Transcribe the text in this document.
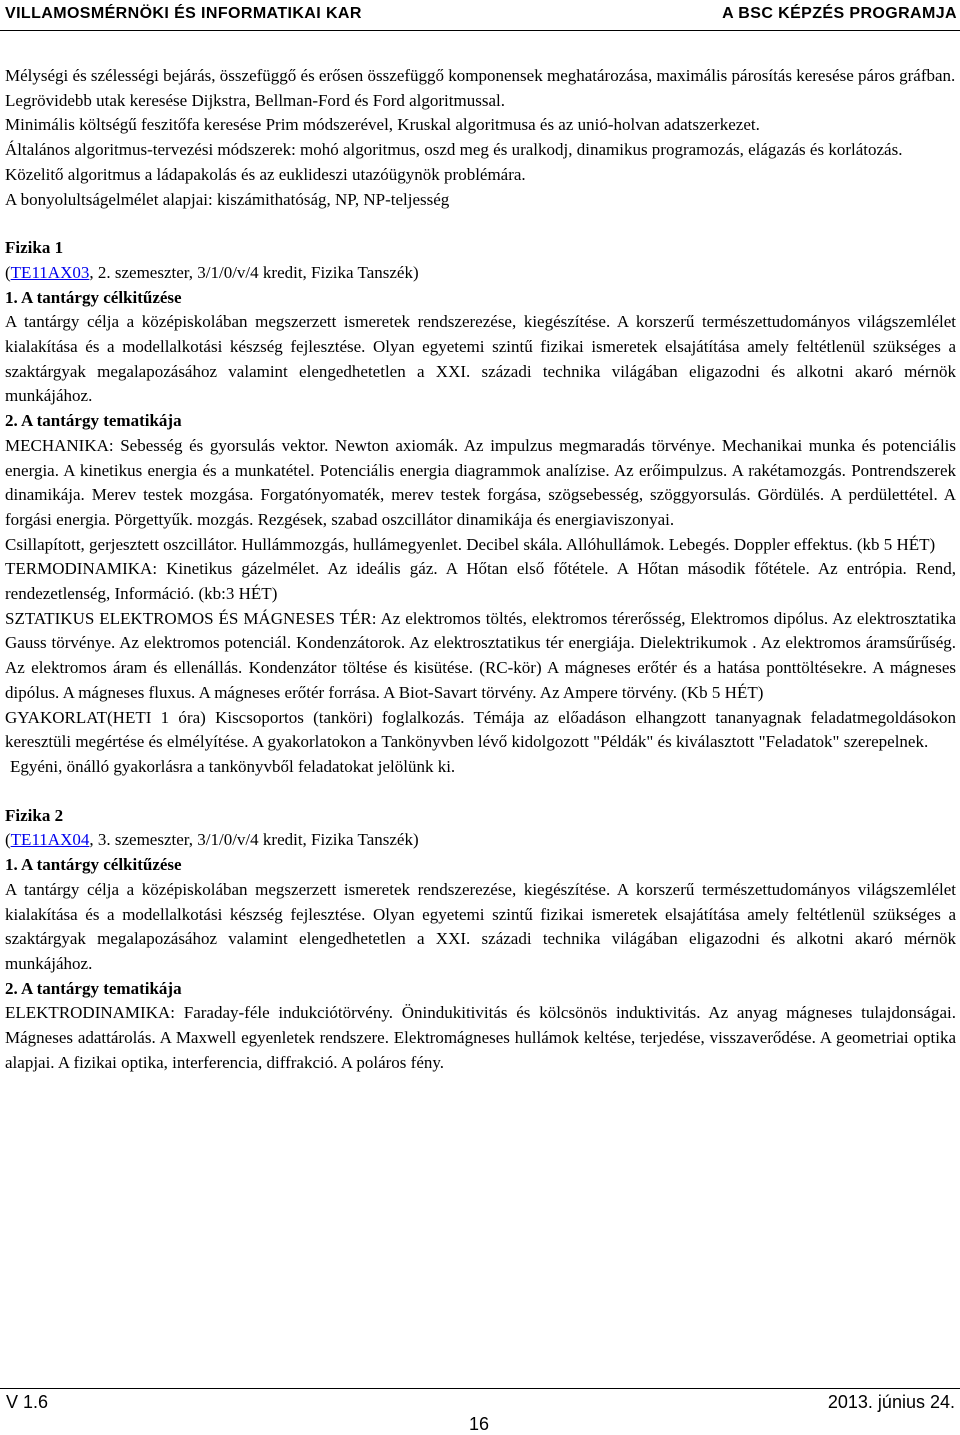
VILLAMOSMÉRNÖKI ÉS INFORMATIKAI KAR	A BSC KÉPZÉS PROGRAMJA

Mélységi és szélességi bejárás, összefüggő és erősen összefüggő komponensek meghatározása, maximális párosítás keresése páros gráfban.

Legrövidebb utak keresése Dijkstra, Bellman-Ford és Ford algoritmussal.

Minimális költségű feszitőfa keresése Prim módszerével, Kruskal algoritmusa és az unió-holvan adatszerkezet.

Általános algoritmus-tervezési módszerek: mohó algoritmus, oszd meg és uralkodj, dinamikus programozás, elágazás és korlátozás.

Közelitő algoritmus a ládapakolás és az euklideszi utazóügynök problémára.

A bonyolultságelmélet alapjai: kiszámithatóság, NP, NP-teljesség

Fizika 1

(TE11AX03, 2. szemeszter, 3/1/0/v/4 kredit, Fizika Tanszék)

1. A tantárgy célkitűzése

A tantárgy célja a középiskolában megszerzett ismeretek rendszerezése, kiegészítése. A korszerű természettudományos világszemlélet kialakítása és a modellalkotási készség fejlesztése. Olyan egyetemi szintű fizikai ismeretek elsajátítása amely feltétlenül szükséges a szaktárgyak megalapozásához valamint elengedhetetlen a XXI. századi technika világában eligazodni és alkotni akaró mérnök munkájához.

2. A tantárgy tematikája

MECHANIKA: Sebesség és gyorsulás vektor. Newton axiomák. Az impulzus megmaradás törvénye. Mechanikai munka és potenciális energia. A kinetikus energia és a munkatétel. Potenciális energia diagrammok analízise. Az erőimpulzus. A rakétamozgás. Pontrendszerek dinamikája. Merev testek mozgása. Forgatónyomaték, merev testek forgása, szögsebesség, szöggyorsulás. Gördülés. A perdülettétel. A forgási energia. Pörgettyűk. mozgás. Rezgések, szabad oszcillátor dinamikája és energiaviszonyai.

Csillapított, gerjesztett oszcillátor. Hullámmozgás, hullámegyenlet. Decibel skála. Allóhullámok. Lebegés. Doppler effektus. (kb 5 HÉT)

TERMODINAMIKA: Kinetikus gázelmélet. Az ideális gáz. A Hőtan első főtétele. A Hőtan második főtétele. Az entrópia. Rend, rendezetlenség, Információ. (kb:3 HÉT)

SZTATIKUS ELEKTROMOS ÉS MÁGNESES TÉR: Az elektromos töltés, elektromos térerősség, Elektromos dipólus. Az elektrosztatika Gauss törvénye. Az elektromos potenciál. Kondenzátorok. Az elektrosztatikus tér energiája. Dielektrikumok . Az elektromos áramsűrűség. Az elektromos áram és ellenállás. Kondenzátor töltése és kisütése. (RC-kör) A mágneses erőtér és a hatása ponttöltésekre. A mágneses dipólus. A mágneses fluxus. A mágneses erőtér forrása. A Biot-Savart törvény. Az Ampere törvény. (Kb 5 HÉT)

GYAKORLAT(HETI 1 óra) Kiscsoportos (tankӧri) foglalkozás. Témája az előadáson elhangzott tananyagnak feladatmegoldásokon keresztüli megértése és elmélyítése. A gyakorlatokon a Tankönyvben lévő kidolgozott "Példák" és kiválasztott "Feladatok" szerepelnek.

Egyéni, önálló gyakorlásra a tankönyvből feladatokat jelölünk ki.

Fizika 2

(TE11AX04, 3. szemeszter, 3/1/0/v/4 kredit, Fizika Tanszék)

1. A tantárgy célkitűzése

A tantárgy célja a középiskolában megszerzett ismeretek rendszerezése, kiegészítése. A korszerű természettudományos világszemlélet kialakítása és a modellalkotási készség fejlesztése. Olyan egyetemi szintű fizikai ismeretek elsajátítása amely feltétlenül szükséges a szaktárgyak megalapozásához valamint elengedhetetlen a XXI. századi technika világában eligazodni és alkotni akaró mérnök munkájához.

2. A tantárgy tematikája

ELEKTRODINAMIKA: Faraday-féle indukciótörvény. Önindukitivitás és kölcsönös induktivitás. Az anyag mágneses tulajdonságai. Mágneses adattárolás. A Maxwell egyenletek rendszere. Elektromágneses hullámok keltése, terjedése, visszaverődése. A geometriai optika alapjai. A fizikai optika, interferencia, diffrakció. A poláros fény.

V 1.6	2013. június 24.
16
